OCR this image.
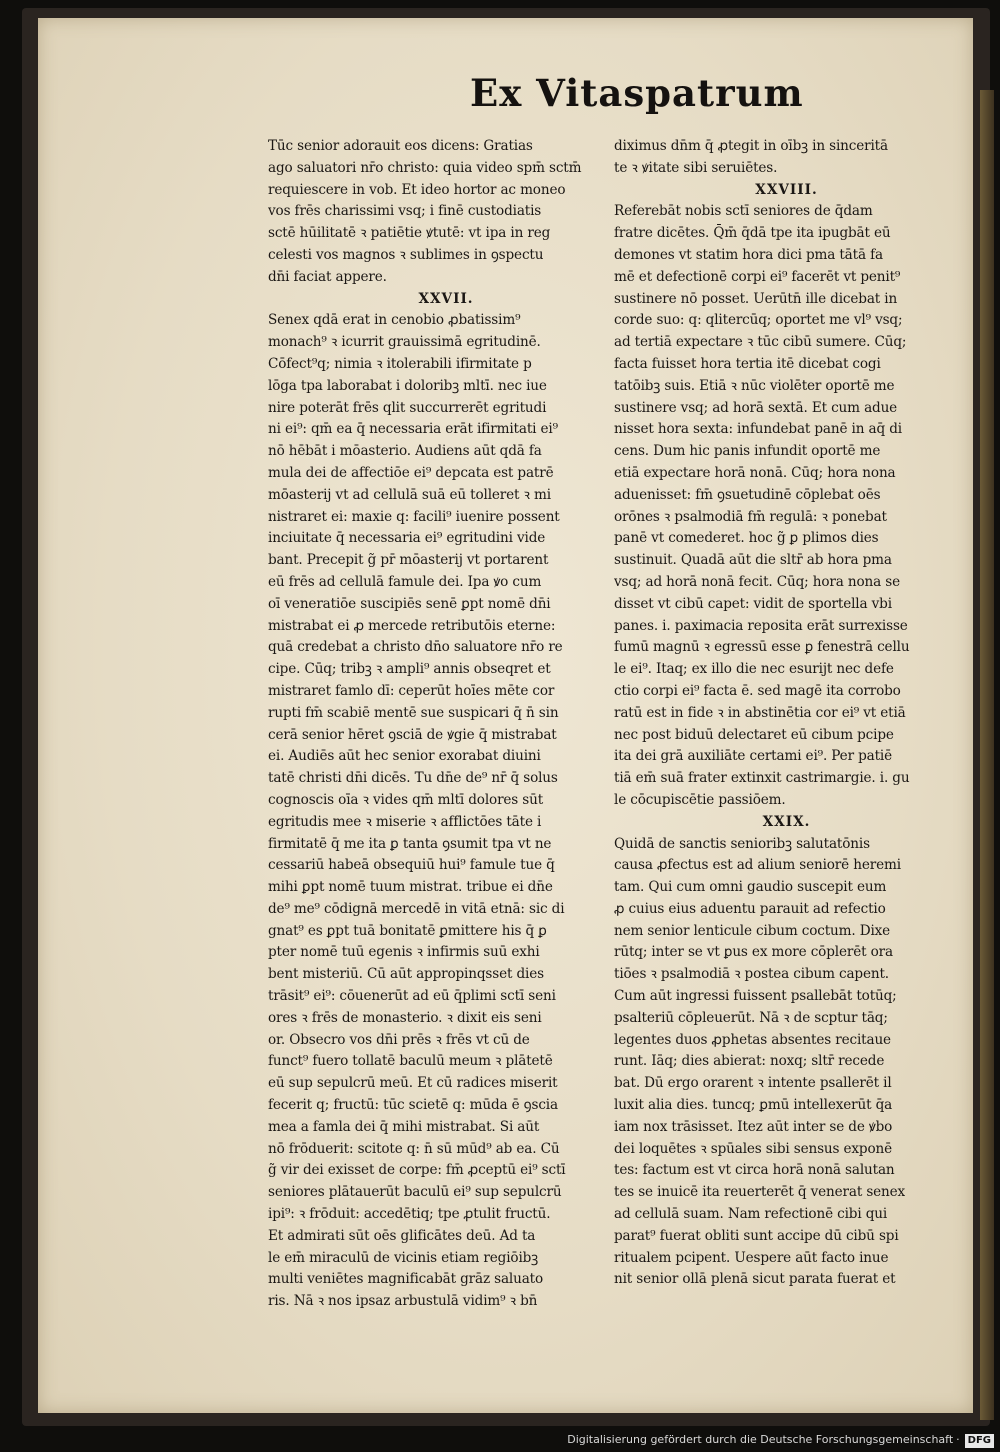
Ex Vitaspatrum
Tūc senior adorauit eos dicens: Gratias
ago saluatori nr̄o christo: quia video spm̄ sctm̄
requiescere in vob. Et ideo hortor ac moneo
vos frēs charissimi vsq; i finē custodiatis
sctē hūilitatē ꝛ patiētie ꝟtutē: vt ipa in reg
celesti vos magnos ꝛ sublimes in ꝯspectu
dn̄i faciat appere.
XXVII.
Senex qdā erat in cenobio ꝓbatissim⁹
monach⁹ ꝛ icurrit grauissimā egritudinē.
Cōfect⁹q; nimia ꝛ itolerabili ifirmitate p
lōga tpa laborabat i doloribꝫ mltī. nec iue
nire poterāt frēs qlit succurrerēt egritudi
ni ei⁹: qm̄ ea q̄ necessaria erāt ifirmitati ei⁹
nō hēbāt i mōasterio. Audiens aūt qdā fa
mula dei de affectiōe ei⁹ depcata est patrē
mōasterij vt ad cellulā suā eū tolleret ꝛ mi
nistraret ei: maxie q: facili⁹ iuenire possent
inciuitate q̄ necessaria ei⁹ egritudini vide
bant. Precepit g̃ pr̄ mōasterij vt portarent
eū frēs ad cellulā famule dei. Ipa ꝟo cum
oī veneratiōe suscipiēs senē ꝑpt nomē dn̄i
mistrabat ei ꝓ mercede retributōis eterne:
quā credebat a christo dn̄o saluatore nr̄o re
cipe. Cūq; tribꝫ ꝛ ampli⁹ annis obseqret et
mistraret famlo dī: ceperūt hoīes mēte cor
rupti fm̄ scabiē mentē sue suspicari q̄ n̄ sin
cerā senior hēret ꝯsciā de ꝟgie q̄ mistrabat
ei. Audiēs aūt hec senior exorabat diuini
tatē christi dn̄i dicēs. Tu dn̄e de⁹ nr̄ q̄ solus
cognoscis oīa ꝛ vides qm̄ mltī dolores sūt
egritudis mee ꝛ miserie ꝛ afflictōes tāte i
firmitatē q̄ me ita ꝑ tanta ꝯsumit tpa vt ne
cessariū habeā obsequiū hui⁹ famule tue q̄
mihi ꝑpt nomē tuum mistrat. tribue ei dn̄e
de⁹ me⁹ cōdignā mercedē in vitā etnā: sic di
gnat⁹ es ꝑpt tuā bonitatē ꝑmittere his q̄ ꝑ
pter nomē tuū egenis ꝛ infirmis suū exhi
bent misteriū. Cū aūt appropinqsset dies
trāsit⁹ ei⁹: cōuenerūt ad eū q̄plimi sctī seni
ores ꝛ frēs de monasterio. ꝛ dixit eis seni
or. Obsecro vos dn̄i prēs ꝛ frēs vt cū de
funct⁹ fuero tollatē baculū meum ꝛ plātetē
eū sup sepulcrū meū. Et cū radices miserit
fecerit q; fructū: tūc scietē q: mūda ē ꝯscia
mea a famla dei q̄ mihi mistrabat. Si aūt
nō frōduerit: scitote q: n̄ sū mūd⁹ ab ea. Cū
g̃ vir dei exisset de corpe: fm̄ ꝓceptū ei⁹ sctī
seniores plātauerūt baculū ei⁹ sup sepulcrū
ipi⁹: ꝛ frōduit: accedētiq; tpe ꝓtulit fructū.
Et admirati sūt oēs glificātes deū. Ad ta
le em̄ miraculū de vicinis etiam regiōibꝫ
multi veniētes magnificabāt grāz saluato
ris. Nā ꝛ nos ipsaz arbustulā vidim⁹ ꝛ bn̄
diximus dn̄m q̄ ꝓtegit in oībꝫ in sinceritā
te ꝛ ꝟitate sibi seruiētes.
XXVIII.
Referebāt nobis sctī seniores de q̄dam
fratre dicētes. Q̄m̄ q̄dā tpe ita ipugbāt eū
demones vt statim hora dici pma tātā fa
mē et defectionē corpi ei⁹ facerēt vt penit⁹
sustinere nō posset. Uerūtn̄ ille dicebat in
corde suo: q: qlitercūq; oportet me vl⁹ vsq;
ad tertiā expectare ꝛ tūc cibū sumere. Cūq;
facta fuisset hora tertia itē dicebat cogi
tatōibꝫ suis. Etiā ꝛ nūc violēter oportē me
sustinere vsq; ad horā sextā. Et cum adue
nisset hora sexta: infundebat panē in aq̄ di
cens. Dum hic panis infundit oportē me
etiā expectare horā nonā. Cūq; hora nona
aduenisset: fm̄ ꝯsuetudinē cōplebat oēs
orōnes ꝛ psalmodiā fm̄ regulā: ꝛ ponebat
panē vt comederet. hoc g̃ ꝑ plimos dies
sustinuit. Quadā aūt die sltr̄ ab hora pma
vsq; ad horā nonā fecit. Cūq; hora nona se
disset vt cibū capet: vidit de sportella vbi
panes. i. paximacia reposita erāt surrexisse
fumū magnū ꝛ egressū esse ꝑ fenestrā cellu
le ei⁹. Itaq; ex illo die nec esurijt nec defe
ctio corpi ei⁹ facta ē. sed magē ita corrobo
ratū est in fide ꝛ in abstinētia cor ei⁹ vt etiā
nec post biduū delectaret eū cibum pcipe
ita dei grā auxiliāte certami ei⁹. Per patiē
tiā em̄ suā frater extinxit castrimargie. i. gu
le cōcupiscētie passiōem.
XXIX.
Quidā de sanctis senioribꝫ salutatōnis
causa ꝓfectus est ad alium seniorē heremi
tam. Qui cum omni gaudio suscepit eum
ꝓ cuius eius aduentu parauit ad refectio
nem senior lenticule cibum coctum. Dixe
rūtq; inter se vt ꝑus ex more cōplerēt ora
tiōes ꝛ psalmodiā ꝛ postea cibum capent.
Cum aūt ingressi fuissent psallebāt totūq;
psalteriū cōpleuerūt. Nā ꝛ de scptur tāq;
legentes duos ꝓphetas absentes recitaue
runt. Iāq; dies abierat: noxq; sltr̄ recede
bat. Dū ergo orarent ꝛ intente psallerēt il
luxit alia dies. tuncq; ꝑmū intellexerūt q̄a
iam nox trāsisset. Itez aūt inter se de ꝟbo
dei loquētes ꝛ spūales sibi sensus exponē
tes: factum est vt circa horā nonā salutan
tes se inuicē ita reuerterēt q̄ venerat senex
ad cellulā suam. Nam refectionē cibi qui
parat⁹ fuerat obliti sunt accipe dū cibū spi
ritualem pcipent. Uespere aūt facto inue
nit senior ollā plenā sicut parata fuerat et
Digitalisierung gefördert durch die Deutsche Forschungsgemeinschaft · DFG
